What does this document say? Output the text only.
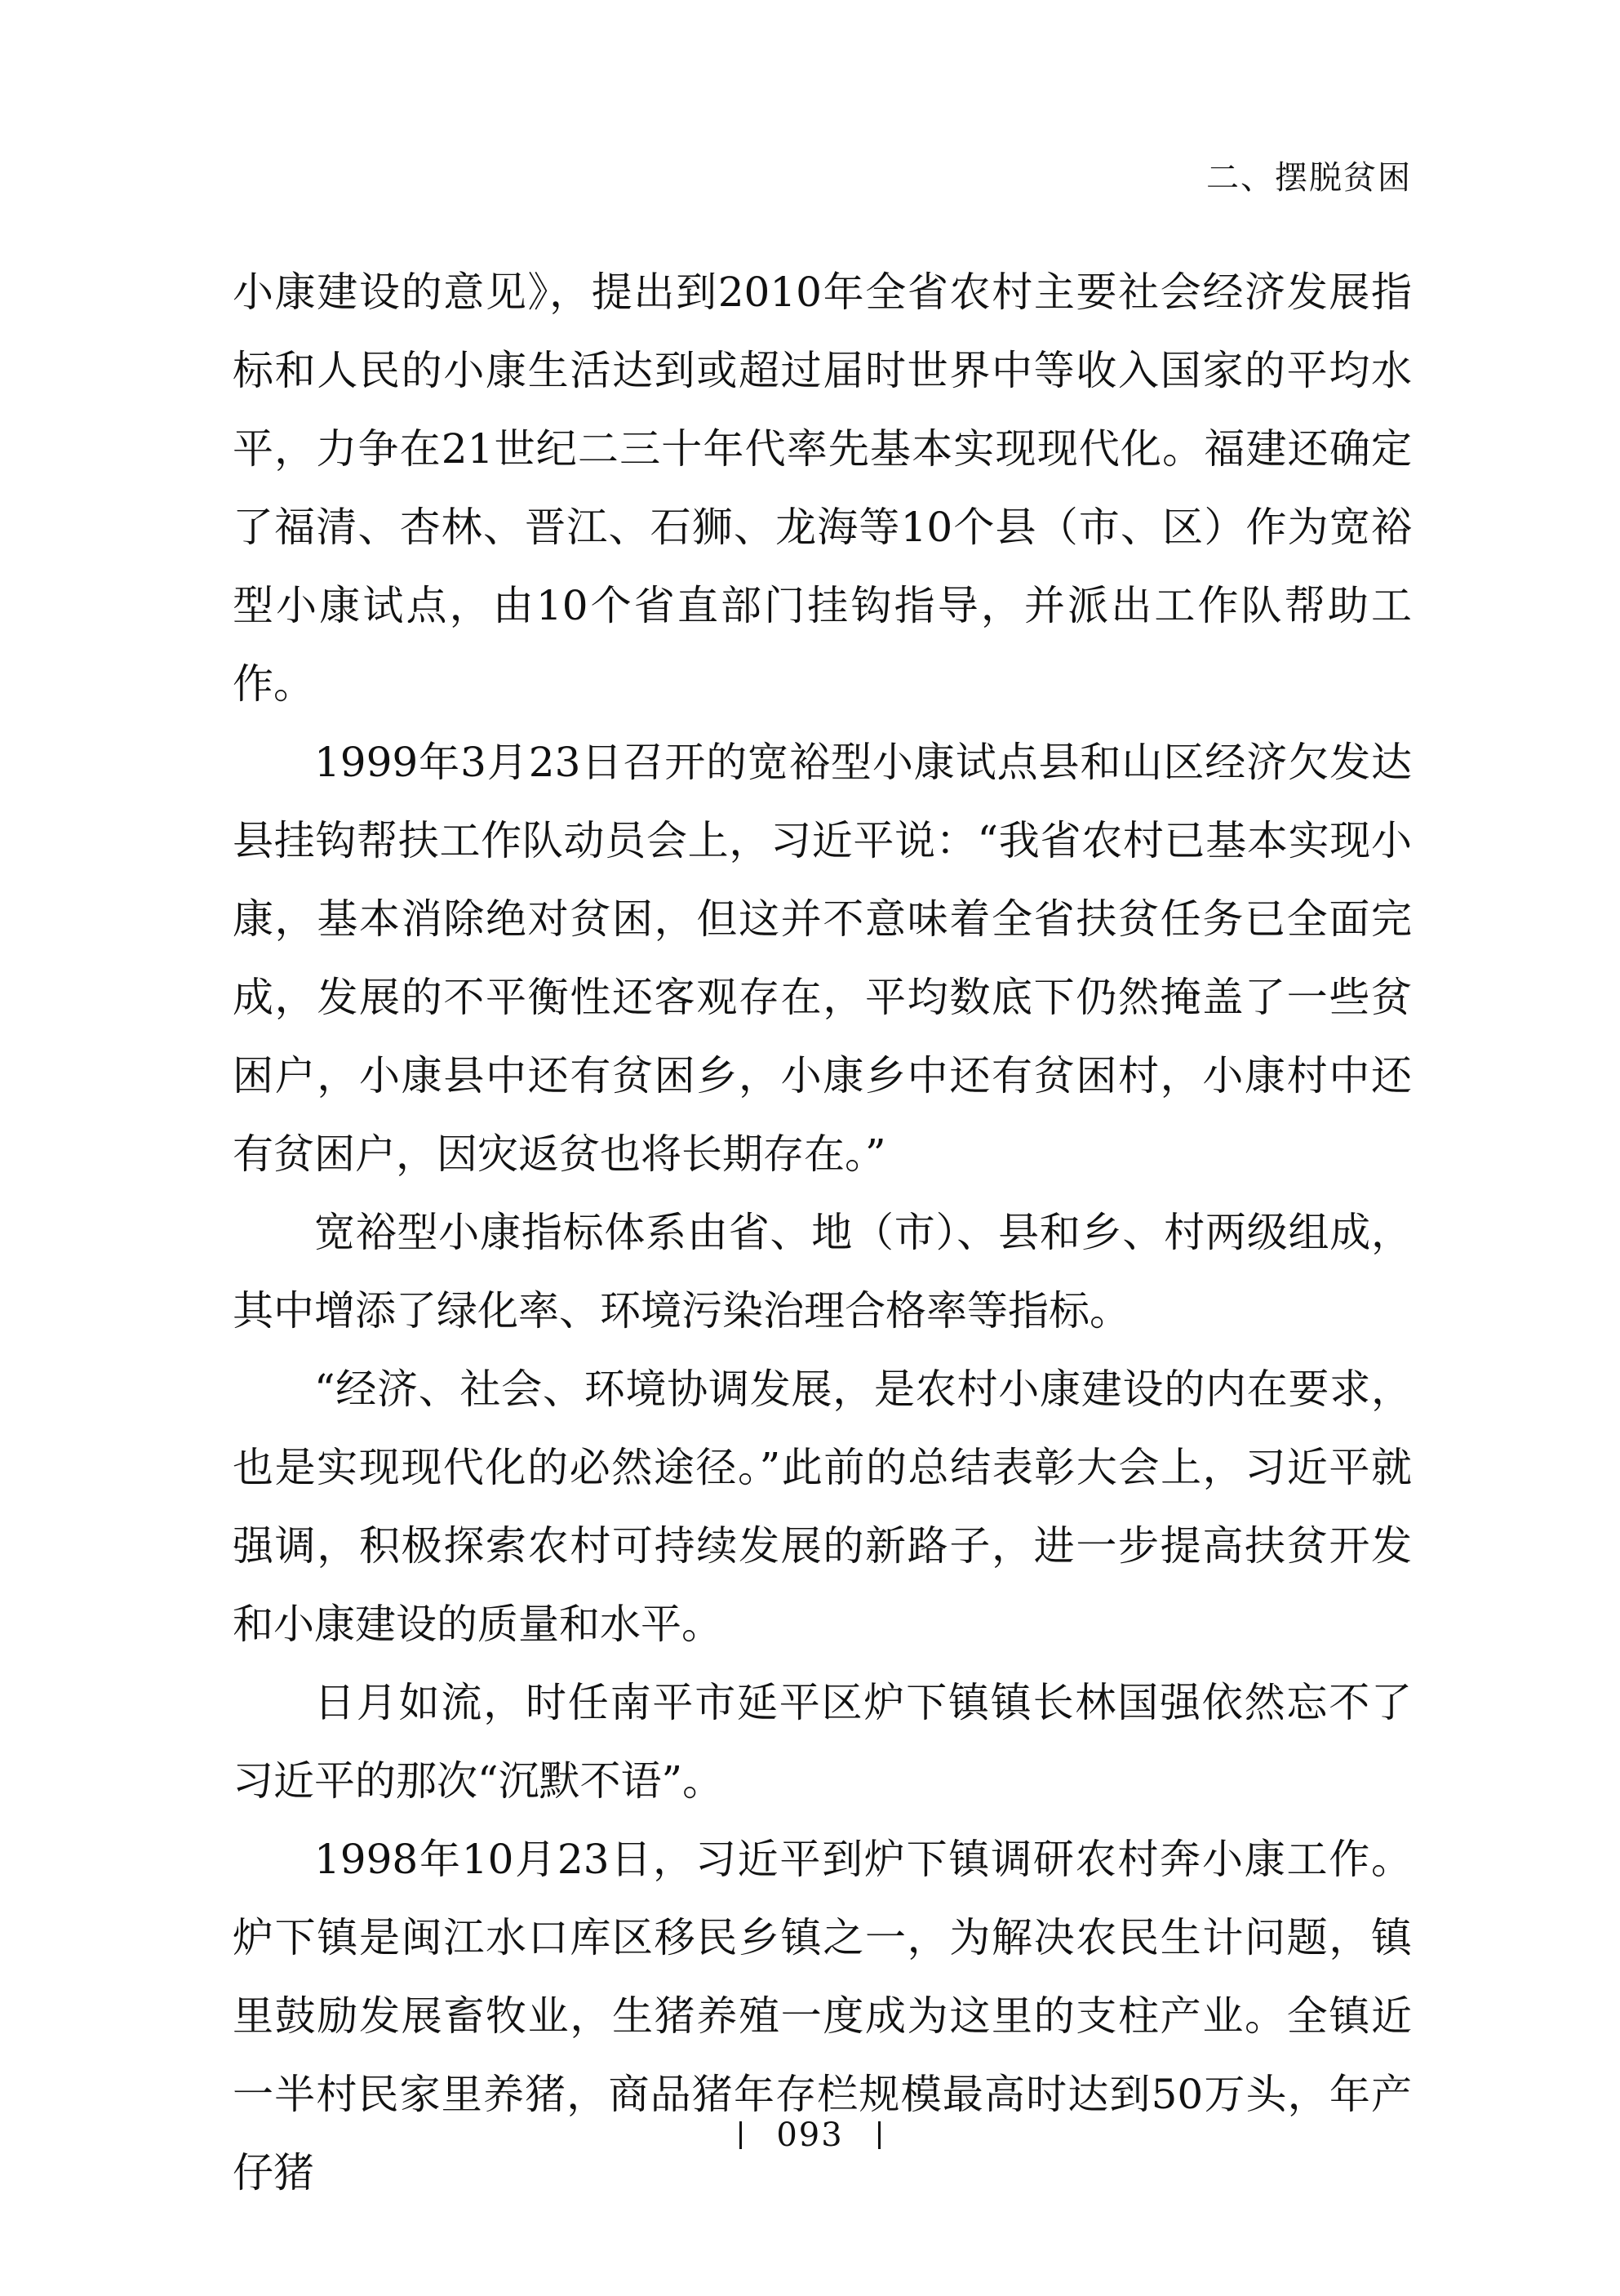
二、摆脱贫困

小康建设的意见》，提出到2010年全省农村主要社会经济发展指标和人民的小康生活达到或超过届时世界中等收入国家的平均水平，力争在21世纪二三十年代率先基本实现现代化。福建还确定了福清、杏林、晋江、石狮、龙海等10个县（市、区）作为宽裕型小康试点，由10个省直部门挂钩指导，并派出工作队帮助工作。

1999年3月23日召开的宽裕型小康试点县和山区经济欠发达县挂钩帮扶工作队动员会上，习近平说：“我省农村已基本实现小康，基本消除绝对贫困，但这并不意味着全省扶贫任务已全面完成，发展的不平衡性还客观存在，平均数底下仍然掩盖了一些贫困户，小康县中还有贫困乡，小康乡中还有贫困村，小康村中还有贫困户，因灾返贫也将长期存在。”

宽裕型小康指标体系由省、地（市）、县和乡、村两级组成，其中增添了绿化率、环境污染治理合格率等指标。

“经济、社会、环境协调发展，是农村小康建设的内在要求，也是实现现代化的必然途径。”此前的总结表彰大会上，习近平就强调，积极探索农村可持续发展的新路子，进一步提高扶贫开发和小康建设的质量和水平。

日月如流，时任南平市延平区炉下镇镇长林国强依然忘不了习近平的那次“沉默不语”。

1998年10月23日，习近平到炉下镇调研农村奔小康工作。炉下镇是闽江水口库区移民乡镇之一，为解决农民生计问题，镇里鼓励发展畜牧业，生猪养殖一度成为这里的支柱产业。全镇近一半村民家里养猪，商品猪年存栏规模最高时达到50万头，年产仔猪

093
